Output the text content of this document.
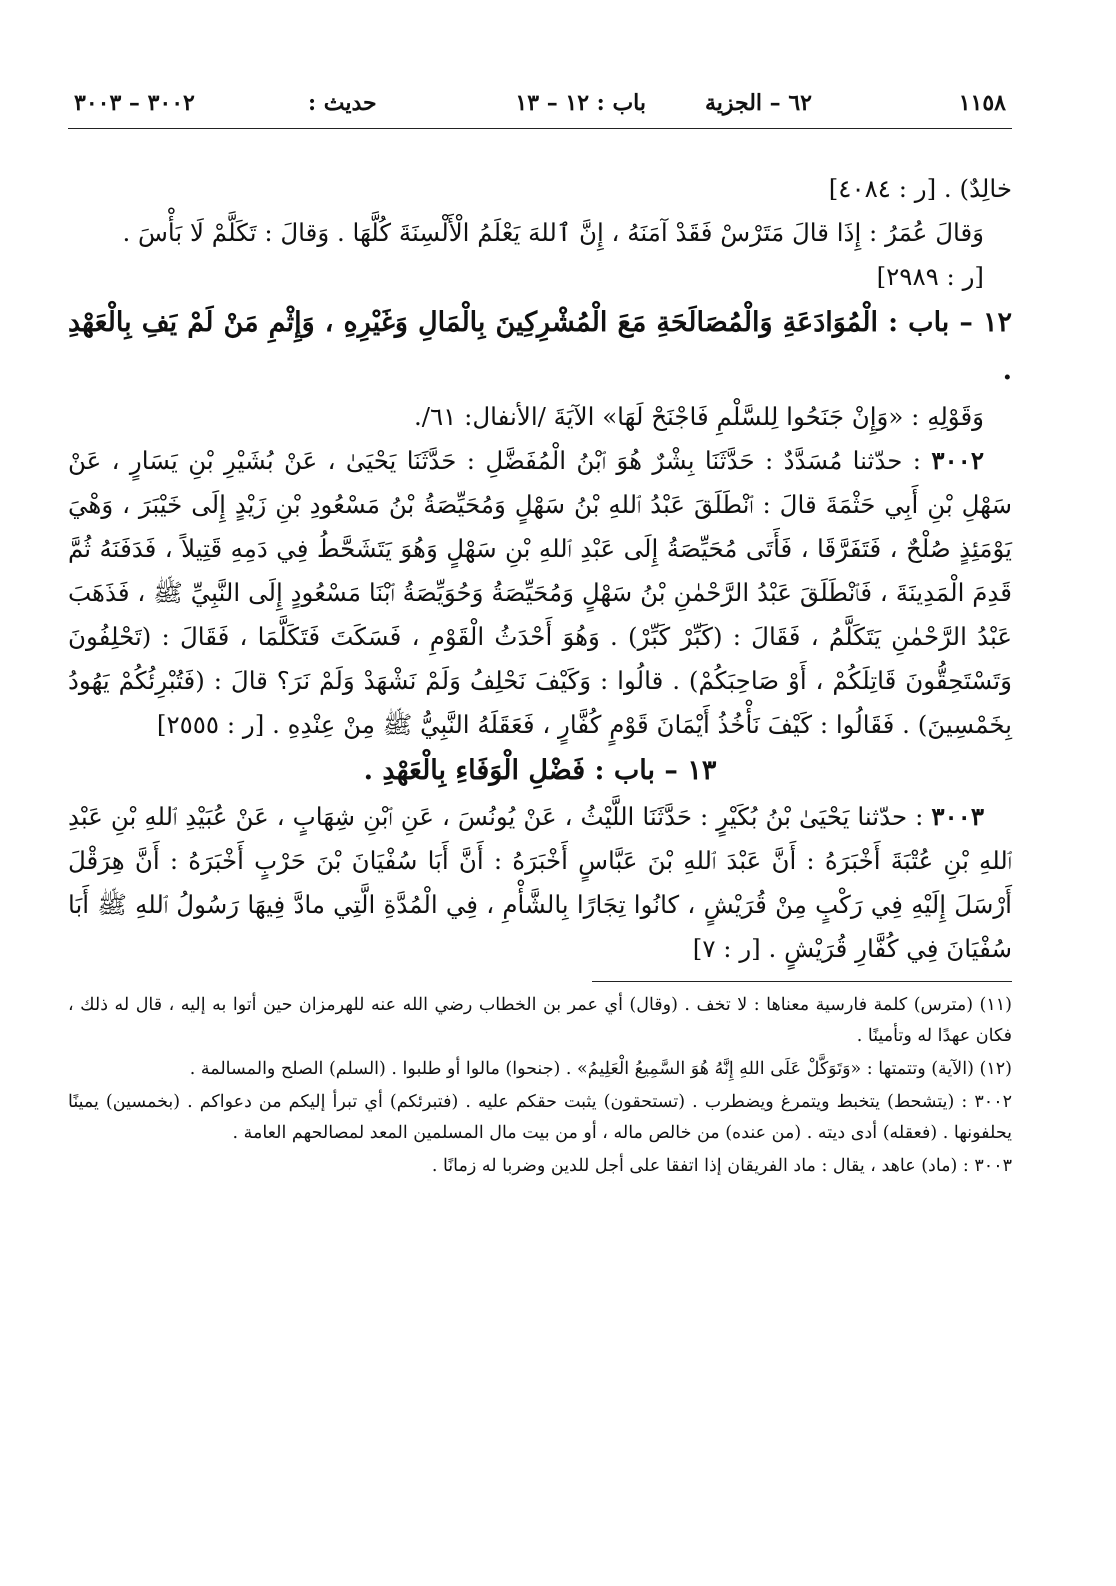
١١٥٨
٦٢ – الجزية
باب : ١٢ – ١٣
حديث :
٣٠٠٢ – ٣٠٠٣

خالِدٌ) . [ر : ٤٠٨٤]

وَقالَ عُمَرُ : إِذَا قالَ مَتَرْسْ فَقَدْ آمَنَهُ ، إِنَّ ٱللهَ يَعْلَمُ الْأَلْسِنَةَ كُلَّهَا . وَقالَ : تَكَلَّمْ لَا بَأْسَ .

[ر : ٢٩٨٩]

١٢ – باب : الْمُوَادَعَةِ وَالْمُصَالَحَةِ مَعَ الْمُشْرِكِينَ بِالْمَالِ وَغَيْرِهِ ، وَإِثْمِ مَنْ لَمْ يَفِ بِالْعَهْدِ .

وَقَوْلِهِ : «وَإِنْ جَنَحُوا لِلسَّلْمِ فَاجْنَحْ لَهَا» الآيَةَ /الأنفال: ٦١/.

٣٠٠٢ : حدّثنا مُسَدَّدٌ : حَدَّثَنَا بِشْرٌ هُوَ ٱبْنُ الْمُفَضَّلِ : حَدَّثَنَا يَحْيَىٰ ، عَنْ بُشَيْرِ بْنِ يَسَارٍ ، عَنْ سَهْلِ بْنِ أَبِي حَثْمَةَ قالَ : ٱنْطَلَقَ عَبْدُ ٱللهِ بْنُ سَهْلٍ وَمُحَيِّصَةُ بْنُ مَسْعُودِ بْنِ زَيْدٍ إِلَى خَيْبَرَ ، وَهْيَ يَوْمَئِذٍ صُلْحٌ ، فَتَفَرَّقَا ، فَأَتَى مُحَيِّصَةُ إِلَى عَبْدِ ٱللهِ بْنِ سَهْلٍ وَهُوَ يَتَشَحَّطُ فِي دَمِهِ قَتِيلاً ، فَدَفَنَهُ ثُمَّ قَدِمَ الْمَدِينَةَ ، فَٱنْطَلَقَ عَبْدُ الرَّحْمٰنِ بْنُ سَهْلٍ وَمُحَيِّصَةُ وَحُوَيِّصَةُ ٱبْنَا مَسْعُودٍ إِلَى النَّبِيِّ ﷺ ، فَذَهَبَ عَبْدُ الرَّحْمٰنِ يَتَكَلَّمُ ، فَقَالَ : (كَبِّرْ كَبِّرْ) . وَهُوَ أَحْدَثُ الْقَوْمِ ، فَسَكَتَ فَتَكَلَّمَا ، فَقَالَ : (تَحْلِفُونَ وَتَسْتَحِقُّونَ قَاتِلَكُمْ ، أَوْ صَاحِبَكُمْ) . قالُوا : وَكَيْفَ نَحْلِفُ وَلَمْ نَشْهَدْ وَلَمْ نَرَ؟ قالَ : (فَتُبْرِئُكُمْ يَهُودُ بِخَمْسِينَ) . فَقَالُوا : كَيْفَ نَأْخُذُ أَيْمَانَ قَوْمٍ كُفَّارٍ ، فَعَقَلَهُ النَّبِيُّ ﷺ مِنْ عِنْدِهِ . [ر : ٢٥٥٥]

١٣ – باب : فَضْلِ الْوَفَاءِ بِالْعَهْدِ .

٣٠٠٣ : حدّثنا يَحْيَىٰ بْنُ بُكَيْرٍ : حَدَّثَنَا اللَّيْثُ ، عَنْ يُونُسَ ، عَنِ ٱبْنِ شِهَابٍ ، عَنْ عُبَيْدِ ٱللهِ بْنِ عَبْدِ ٱللهِ بْنِ عُتْبَةَ أَخْبَرَهُ : أَنَّ عَبْدَ ٱللهِ بْنَ عَبَّاسٍ أَخْبَرَهُ : أَنَّ أَبَا سُفْيَانَ بْنَ حَرْبٍ أَخْبَرَهُ : أَنَّ هِرَقْلَ أَرْسَلَ إِلَيْهِ فِي رَكْبٍ مِنْ قُرَيْشٍ ، كانُوا تِجَارًا بِالشَّأْمِ ، فِي الْمُدَّةِ الَّتِي مادَّ فِيهَا رَسُولُ ٱللهِ ﷺ أَبَا سُفْيَانَ فِي كُفَّارِ قُرَيْشٍ . [ر : ٧]

(١١) (مترس) كلمة فارسية معناها : لا تخف . (وقال) أي عمر بن الخطاب رضي الله عنه للهرمزان حين أتوا به إليه ، قال له ذلك ، فكان عهدًا له وتأمينًا .

(١٢) (الآية) وتتمتها : «وَتَوَكَّلْ عَلَى اللهِ إِنَّهُ هُوَ السَّمِيعُ الْعَلِيمُ» . (جنحوا) مالوا أو طلبوا . (السلم) الصلح والمسالمة .

٣٠٠٢ : (يتشحط) يتخبط ويتمرغ ويضطرب . (تستحقون) يثبت حقكم عليه . (فتبرئكم) أي تبرأ إليكم من دعواكم . (بخمسين) يمينًا يحلفونها . (فعقله) أدى ديته . (من عنده) من خالص ماله ، أو من بيت مال المسلمين المعد لمصالحهم العامة .

٣٠٠٣ : (ماد) عاهد ، يقال : ماد الفريقان إذا اتفقا على أجل للدين وضربا له زمانًا .
